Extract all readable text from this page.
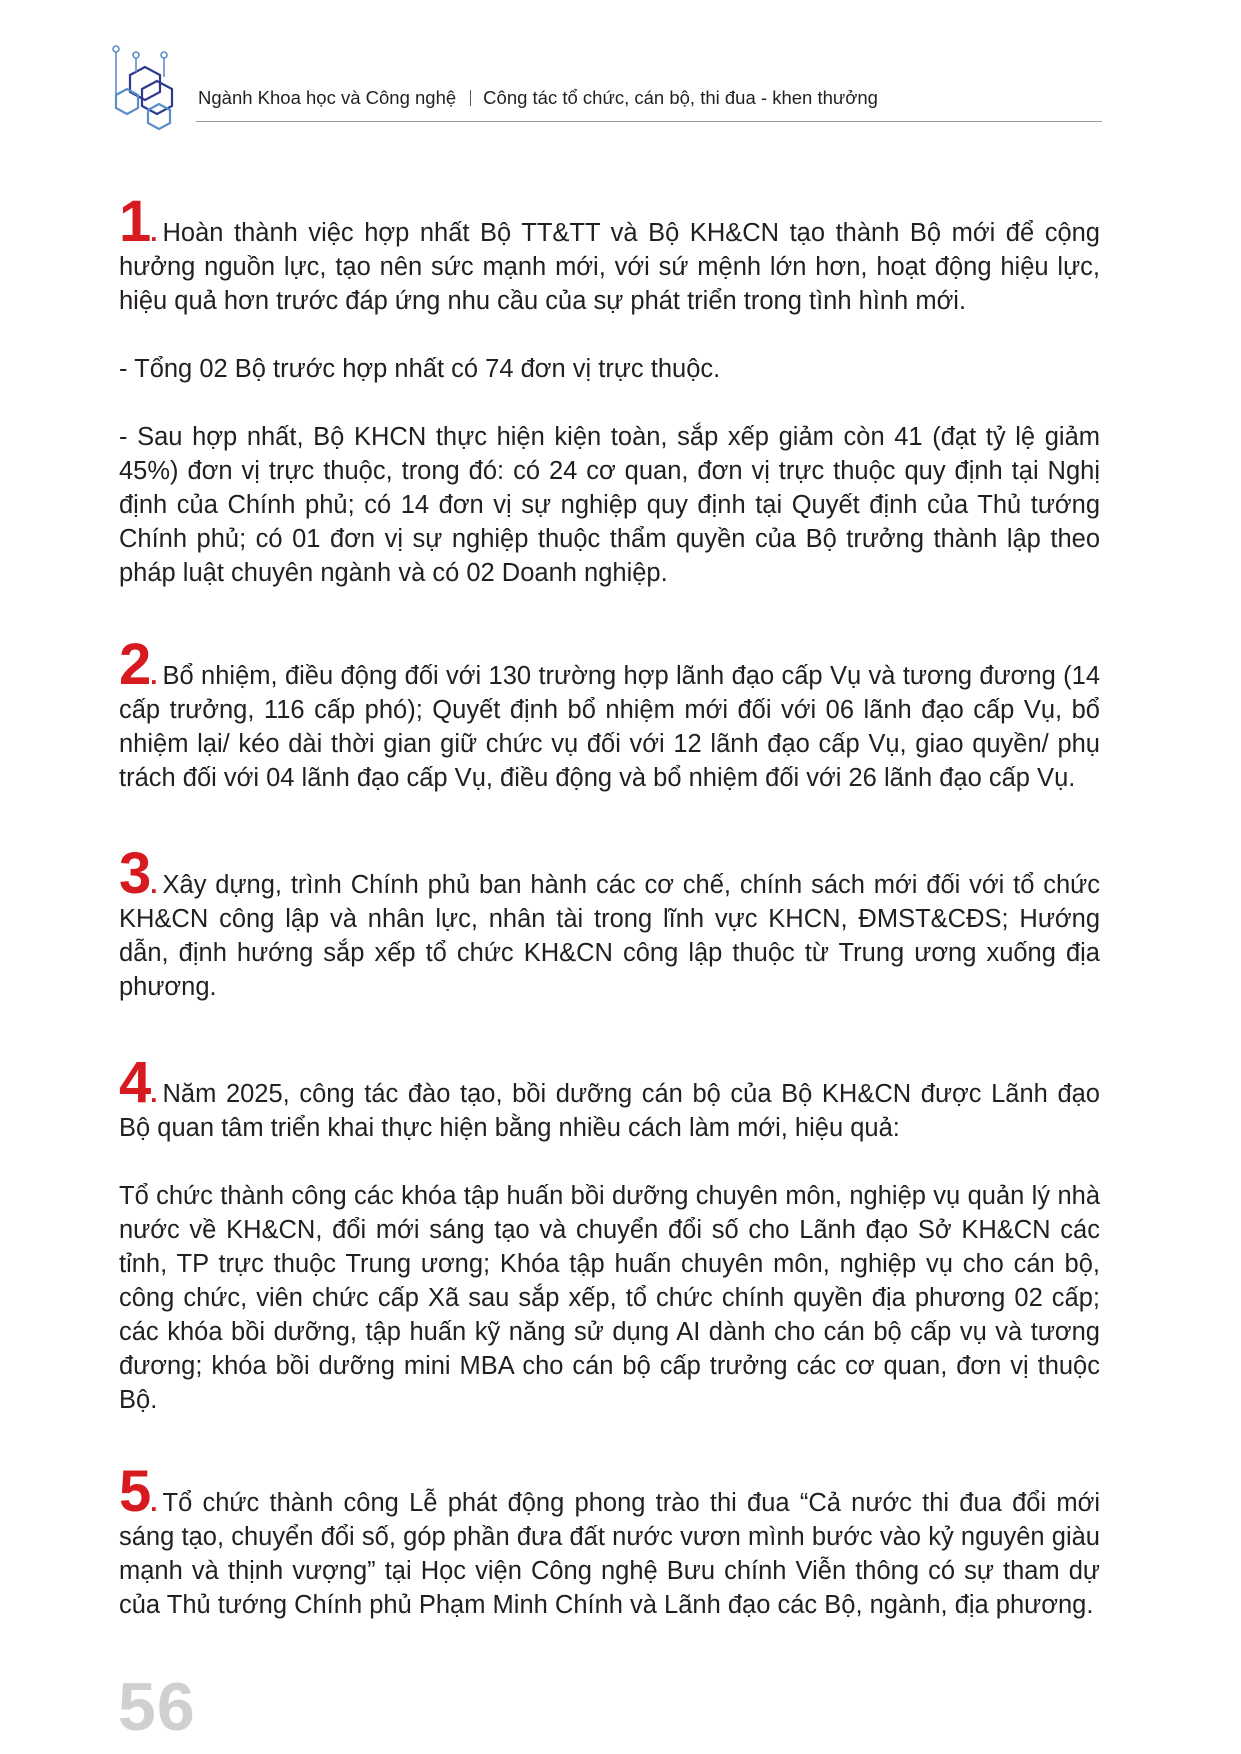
Ngành Khoa học và Công nghệ Công tác tổ chức, cán bộ, thi đua - khen thưởng

1. Hoàn thành việc hợp nhất Bộ TT&TT và Bộ KH&CN tạo thành Bộ mới để cộng hưởng nguồn lực, tạo nên sức mạnh mới, với sứ mệnh lớn hơn, hoạt động hiệu lực, hiệu quả hơn trước đáp ứng nhu cầu của sự phát triển trong tình hình mới.

- Tổng 02 Bộ trước hợp nhất có 74 đơn vị trực thuộc.

- Sau hợp nhất, Bộ KHCN thực hiện kiện toàn, sắp xếp giảm còn 41 (đạt tỷ lệ giảm 45%) đơn vị trực thuộc, trong đó: có 24 cơ quan, đơn vị trực thuộc quy định tại Nghị định của Chính phủ; có 14 đơn vị sự nghiệp quy định tại Quyết định của Thủ tướng Chính phủ; có 01 đơn vị sự nghiệp thuộc thẩm quyền của Bộ trưởng thành lập theo pháp luật chuyên ngành và có 02 Doanh nghiệp.

2. Bổ nhiệm, điều động đối với 130 trường hợp lãnh đạo cấp Vụ và tương đương (14 cấp trưởng, 116 cấp phó); Quyết định bổ nhiệm mới đối với 06 lãnh đạo cấp Vụ, bổ nhiệm lại/ kéo dài thời gian giữ chức vụ đối với 12 lãnh đạo cấp Vụ, giao quyền/ phụ trách đối với 04 lãnh đạo cấp Vụ, điều động và bổ nhiệm đối với 26 lãnh đạo cấp Vụ.

3. Xây dựng, trình Chính phủ ban hành các cơ chế, chính sách mới đối với tổ chức KH&CN công lập và nhân lực, nhân tài trong lĩnh vực KHCN, ĐMST&CĐS; Hướng dẫn, định hướng sắp xếp tổ chức KH&CN công lập thuộc từ Trung ương xuống địa phương.

4. Năm 2025, công tác đào tạo, bồi dưỡng cán bộ của Bộ KH&CN được Lãnh đạo Bộ quan tâm triển khai thực hiện bằng nhiều cách làm mới, hiệu quả:

Tổ chức thành công các khóa tập huấn bồi dưỡng chuyên môn, nghiệp vụ quản lý nhà nước về KH&CN, đổi mới sáng tạo và chuyển đổi số cho Lãnh đạo Sở KH&CN các tỉnh, TP trực thuộc Trung ương; Khóa tập huấn chuyên môn, nghiệp vụ cho cán bộ, công chức, viên chức cấp Xã sau sắp xếp, tổ chức chính quyền địa phương 02 cấp; các khóa bồi dưỡng, tập huấn kỹ năng sử dụng AI dành cho cán bộ cấp vụ và tương đương; khóa bồi dưỡng mini MBA cho cán bộ cấp trưởng các cơ quan, đơn vị thuộc Bộ.

5. Tổ chức thành công Lễ phát động phong trào thi đua “Cả nước thi đua đổi mới sáng tạo, chuyển đổi số, góp phần đưa đất nước vươn mình bước vào kỷ nguyên giàu mạnh và thịnh vượng” tại Học viện Công nghệ Bưu chính Viễn thông có sự tham dự của Thủ tướng Chính phủ Phạm Minh Chính và Lãnh đạo các Bộ, ngành, địa phương.

56
